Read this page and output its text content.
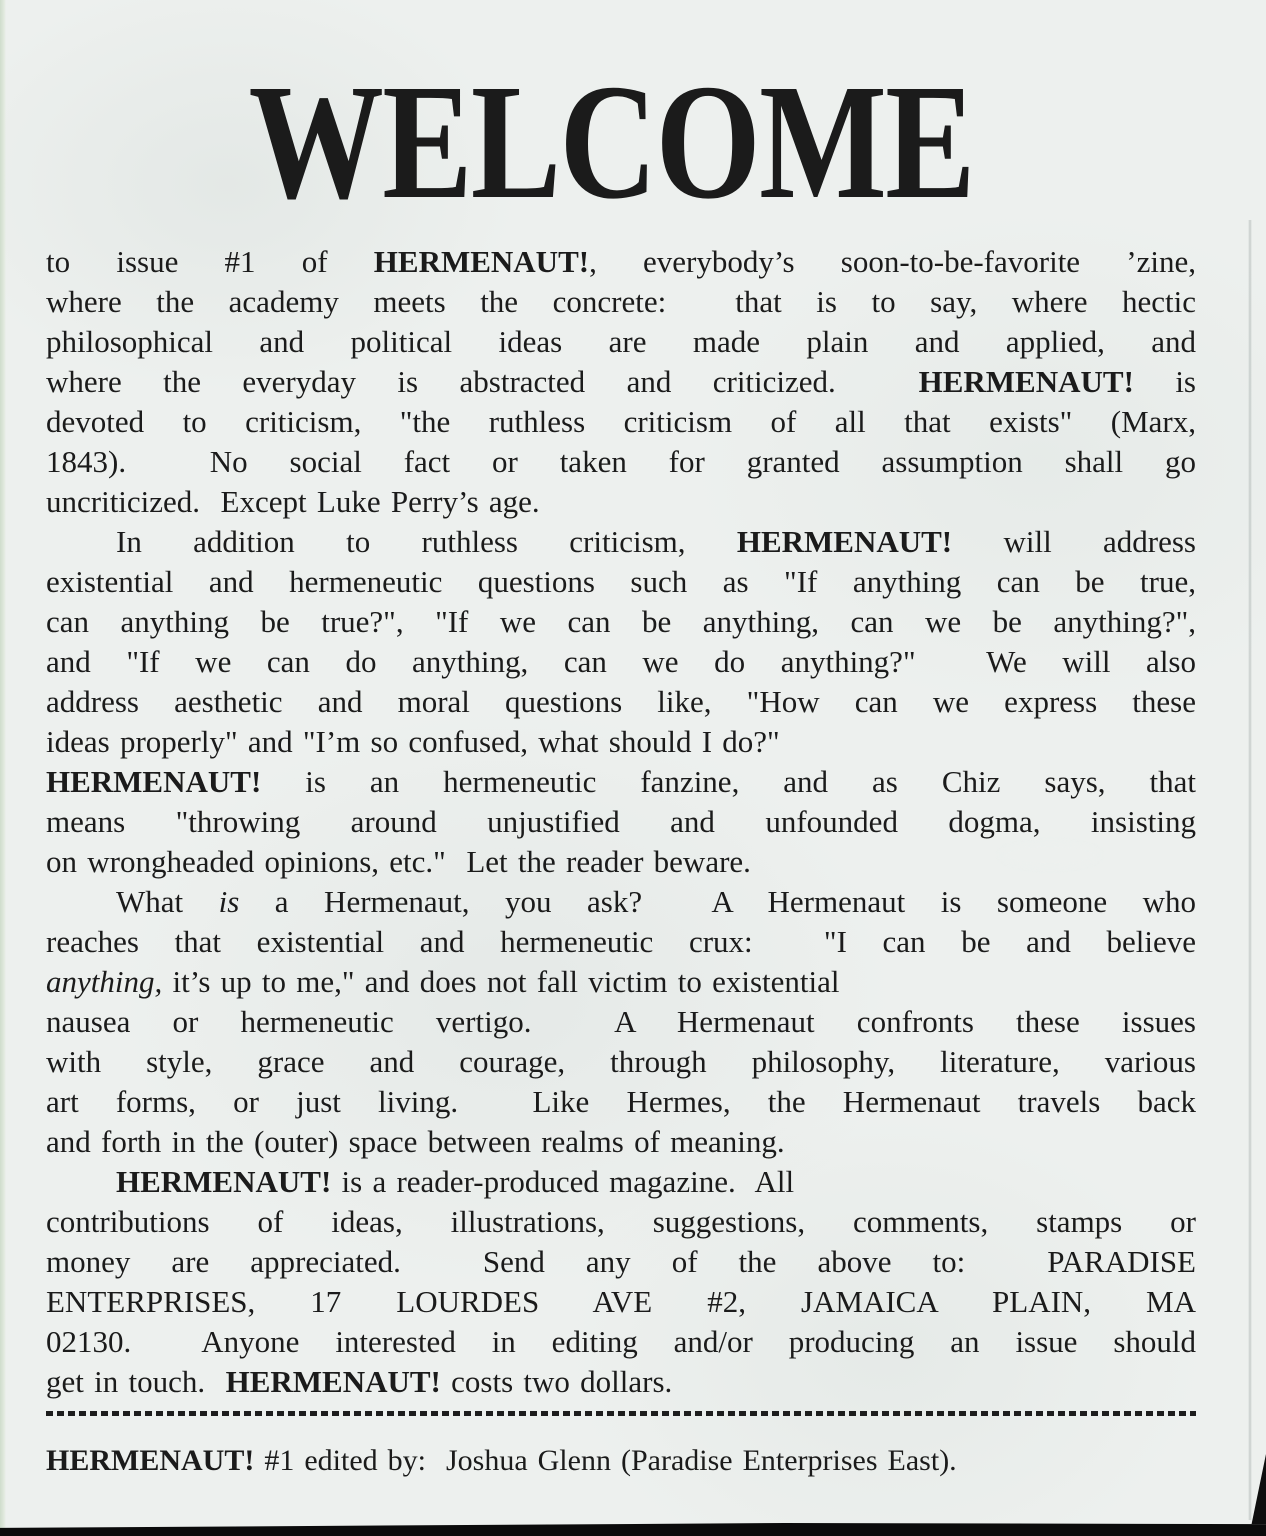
WELCOME
to issue #1 of HERMENAUT!, everybody’s soon-to-be-favorite ’zine,
where the academy meets the concrete:  that is to say, where hectic
philosophical and political ideas are made plain and applied, and
where the everyday is abstracted and criticized.  HERMENAUT! is
devoted to criticism, "the ruthless criticism of all that exists" (Marx,
1843).  No social fact or taken for granted assumption shall go
uncriticized.  Except Luke Perry’s age.
In addition to ruthless criticism, HERMENAUT! will address
existential and hermeneutic questions such as "If anything can be true,
can anything be true?", "If we can be anything, can we be anything?",
and "If we can do anything, can we do anything?"  We will also
address aesthetic and moral questions like, "How can we express these
ideas properly" and "I’m so confused, what should I do?"
HERMENAUT! is an hermeneutic fanzine, and as Chiz says, that
means "throwing around unjustified and unfounded dogma, insisting
on wrongheaded opinions, etc."  Let the reader beware.
What is a Hermenaut, you ask?  A Hermenaut is someone who
reaches that existential and hermeneutic crux:  "I can be and believe
anything, it’s up to me," and does not fall victim to existential
nausea or hermeneutic vertigo.  A Hermenaut confronts these issues
with style, grace and courage, through philosophy, literature, various
art forms, or just living.  Like Hermes, the Hermenaut travels back
and forth in the (outer) space between realms of meaning.
HERMENAUT! is a reader-produced magazine.  All
contributions of ideas, illustrations, suggestions, comments, stamps or
money are appreciated.  Send any of the above to:  PARADISE
ENTERPRISES, 17 LOURDES AVE #2, JAMAICA PLAIN, MA
02130.  Anyone interested in editing and/or producing an issue should
get in touch.  HERMENAUT! costs two dollars.
HERMENAUT! #1 edited by:  Joshua Glenn (Paradise Enterprises East).
